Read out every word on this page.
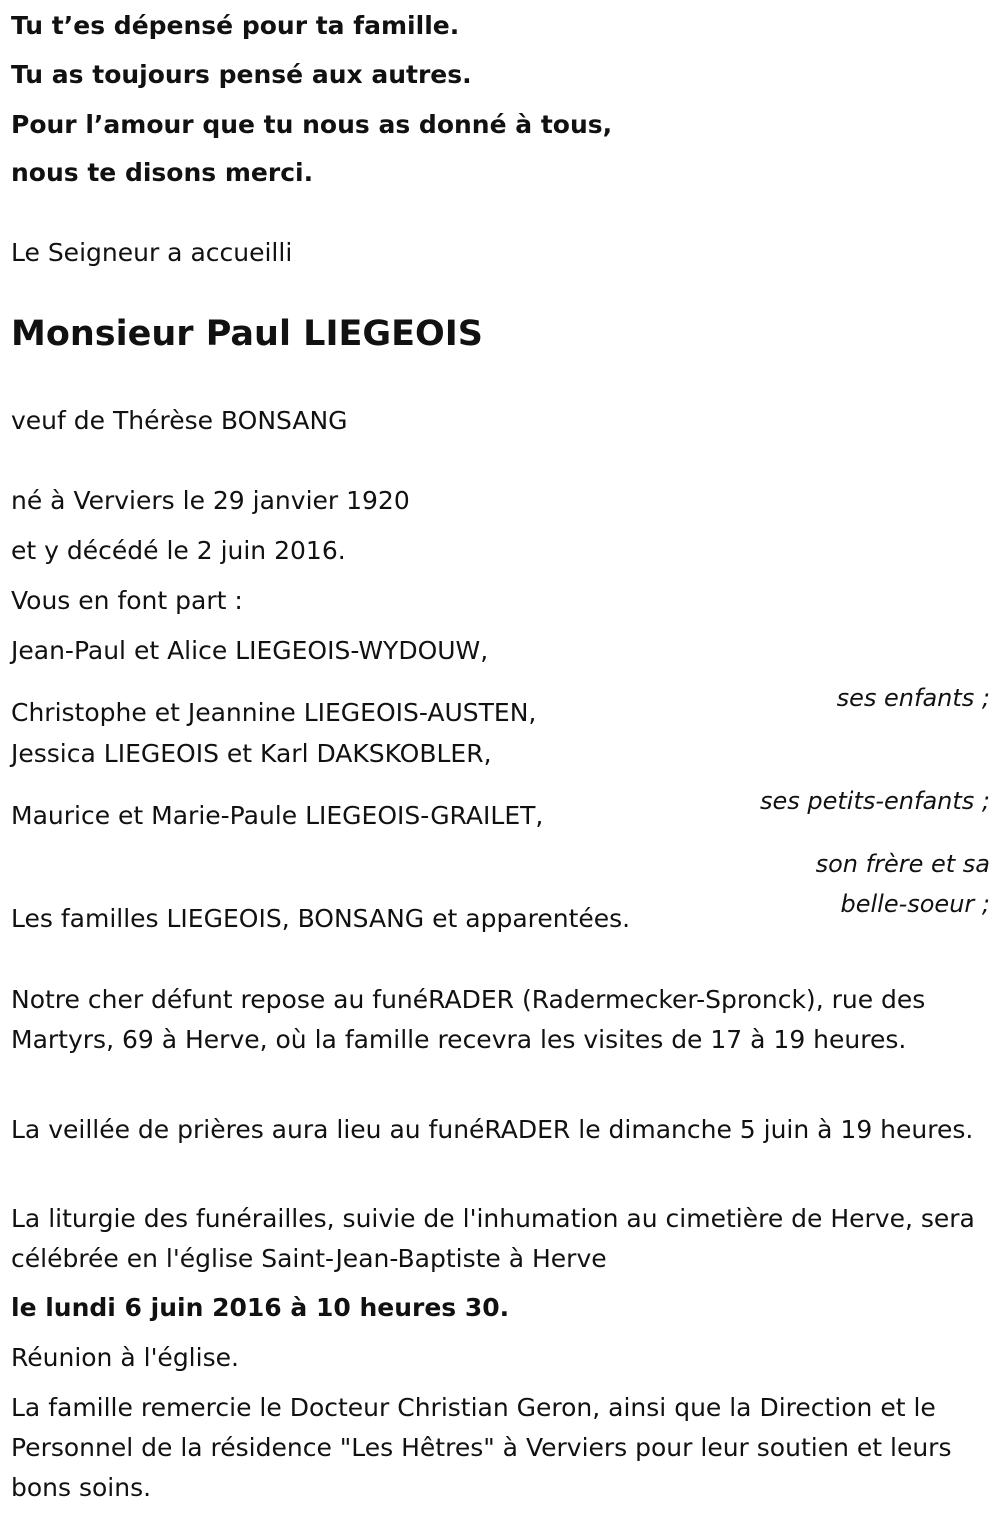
Tu t’es dépensé pour ta famille.

Tu as toujours pensé aux autres.

Pour l’amour que tu nous as donné à tous,

nous te disons merci.

Le Seigneur a accueilli

Monsieur Paul LIEGEOIS

veuf de Thérèse BONSANG

né à Verviers le 29 janvier 1920

et y décédé le 2 juin 2016.

Vous en font part :

Jean-Paul et Alice LIEGEOIS-WYDOUW,

ses enfants ;

Christophe et Jeannine LIEGEOIS-AUSTEN,

Jessica LIEGEOIS et Karl DAKSKOBLER,

ses petits-enfants ;

Maurice et Marie-Paule LIEGEOIS-GRAILET,

son frère et sa

belle-soeur ;

Les familles LIEGEOIS, BONSANG et apparentées.

Notre cher défunt repose au funéRADER (Radermecker-Spronck), rue des Martyrs, 69 à Herve, où la famille recevra les visites de 17 à 19 heures.

La veillée de prières aura lieu au funéRADER le dimanche 5 juin à 19 heures.

La liturgie des funérailles, suivie de l'inhumation au cimetière de Herve, sera célébrée en l'église Saint-Jean-Baptiste à Herve

le lundi 6 juin 2016 à 10 heures 30.

Réunion à l'église.

La famille remercie le Docteur Christian Geron, ainsi que la Direction et le Personnel de la résidence "Les Hêtres" à Verviers pour leur soutien et leurs bons soins.
